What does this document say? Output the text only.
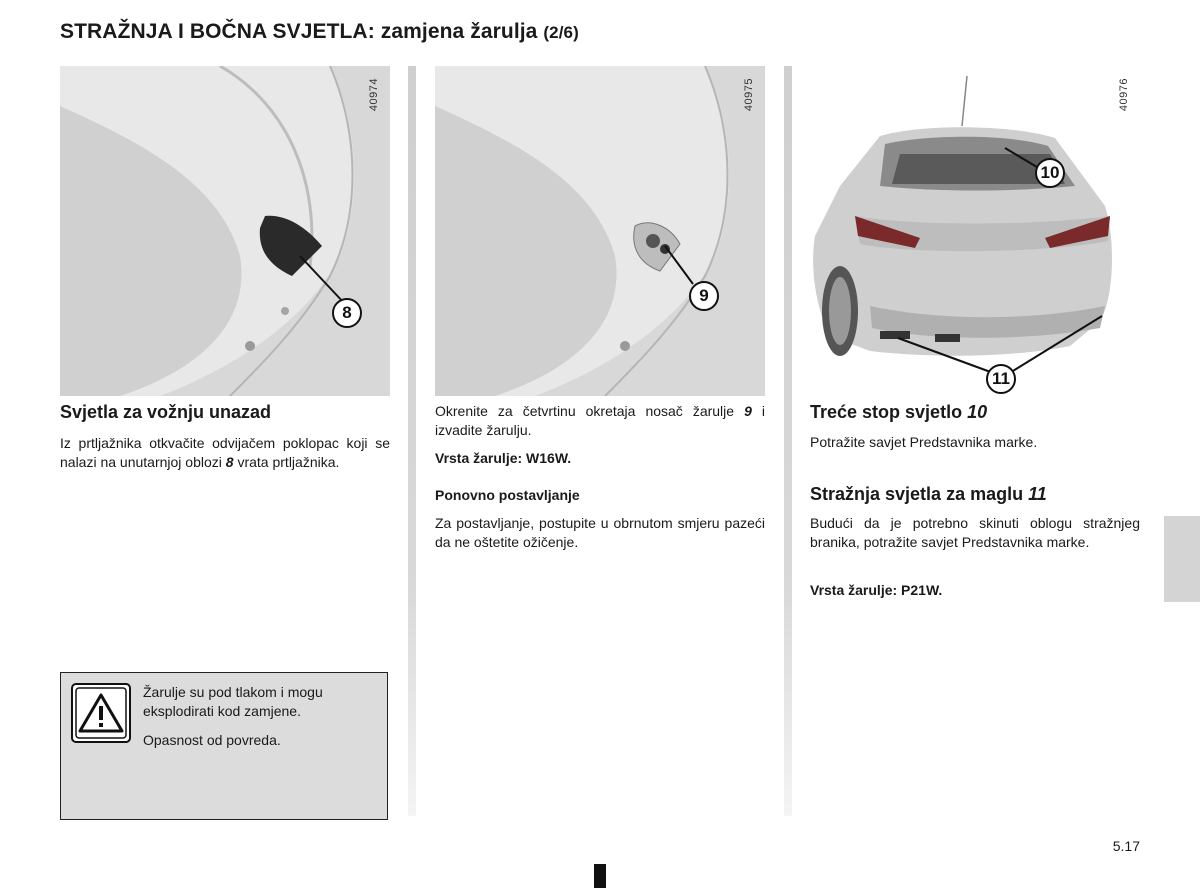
STRAŽNJA I BOČNA SVJETLA: zamjena žarulja (2/6)
40974
8
40975
9
40976
10
11
Svjetla za vožnju unazad
Iz prtljažnika otkvačite odvijačem poklopac koji se nalazi na unutarnjoj oblozi 8 vrata prtljažnika.
Žarulje su pod tlakom i mogu eksplodirati kod zamjene.
Opasnost od povreda.
Okrenite za četvrtinu okretaja nosač žarulje 9 i izvadite žarulju.
Vrsta žarulje: W16W.
Ponovno postavljanje
Za postavljanje, postupite u obrnutom smjeru pazeći da ne oštetite ožičenje.
Treće stop svjetlo 10
Potražite savjet Predstavnika marke.
Stražnja svjetla za maglu 11
Budući da je potrebno skinuti oblogu stražnjeg branika, potražite savjet Predstavnika marke.
Vrsta žarulje: P21W.
5.17
